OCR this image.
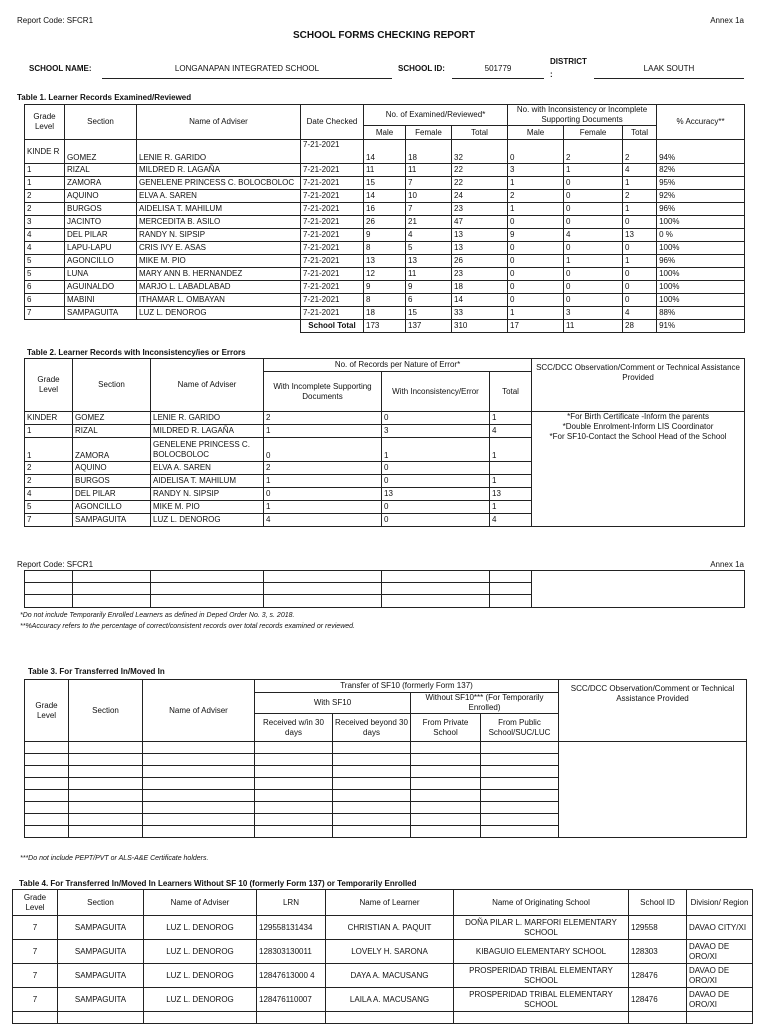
Report Code: SFCR1	Annex 1a
SCHOOL FORMS CHECKING REPORT
SCHOOL NAME:	LONGANAPAN INTEGRATED SCHOOL	SCHOOL ID:	501779
DISTRICT
:
LAAK SOUTH
Table 1. Learner Records Examined/Reviewed
Grade Level	Section	Name of Adviser	Date Checked	No. of Examined/Reviewed*			No. with Inconsistency or Incomplete Supporting Documents			% Accuracy**
				Male	Female	Total	Male	Female	Total	
KINDE R	GOMEZ	LENIE R. GARIDO	7-21-2021	14	18	32	0	2	2	94%
1	RIZAL	MILDRED R. LAGAÑA	7-21-2021	11	11	22	3	1	4	82%
1	ZAMORA	GENELENE PRINCESS C. BOLOCBOLOC	7-21-2021	15	7	22	1	0	1	95%
2	AQUINO	ELVA A. SAREN	7-21-2021	14	10	24	2	0	2	92%
2	BURGOS	AIDELISA T. MAHILUM	7-21-2021	16	7	23	1	0	1	96%
3	JACINTO	MERCEDITA B. ASILO	7-21-2021	26	21	47	0	0	0	100%
4	DEL PILAR	RANDY N. SIPSIP	7-21-2021	9	4	13	9	4	13	0 %
4	LAPU-LAPU	CRIS IVY E. ASAS	7-21-2021	8	5	13	0	0	0	100%
5	AGONCILLO	MIKE M. PIO	7-21-2021	13	13	26	0	1	1	96%
5	LUNA	MARY ANN B. HERNANDEZ	7-21-2021	12	11	23	0	0	0	100%
6	AGUINALDO	MARJO L. LABADLABAD	7-21-2021	9	9	18	0	0	0	100%
6	MABINI	ITHAMAR L. OMBAYAN	7-21-2021	8	6	14	0	0	0	100%
7	SAMPAGUITA	LUZ L. DENOROG	7-21-2021	18	15	33	1	3	4	88%
			School Total	173	137	310	17	11	28	91%
Table 2. Learner Records with Inconsistency/ies or Errors
Grade Level	Section	Name of Adviser	No. of Records per Nature of Error*			SCC/DCC Observation/Comment or Technical Assistance Provided
			With Incomplete Supporting Documents	With Inconsistency/Error	Total	
KINDER	GOMEZ	LENIE R. GARIDO	2	0	1	*For Birth Certificate -Inform the parents
*Double Enrolment-Inform LIS Coordinator
*For SF10-Contact the School Head of the School

1	RIZAL	MILDRED R. LAGAÑA	1	3	4	
1	ZAMORA	GENELENE PRINCESS C. BOLOCBOLOC	0	1	1	
2	AQUINO	ELVA A. SAREN	2	0		
2	BURGOS	AIDELISA T. MAHILUM	1	0	1	
4	DEL PILAR	RANDY N. SIPSIP	0	13	13	
5	AGONCILLO	MIKE M. PIO	1	0	1	
7	SAMPAGUITA	LUZ L. DENOROG	4	0	4	
Report Code: SFCR1	Annex 1a

*Do not include Temporarily Enrolled Learners as defined in Deped Order No. 3, s. 2018.
**%Accuracy refers to the percentage of correct/consistent records over total records examined or reviewed.
Table 3. For Transferred In/Moved In
Grade Level	Section	Name of Adviser	Transfer of SF10 (formerly Form 137)				SCC/DCC Observation/Comment or Technical Assistance Provided
			With SF10		Without SF10*** (For Temporarily Enrolled)		
			Received w/in 30 days	Received beyond 30 days	From Private School	From Public School/SUC/LUC	

***Do not include PEPT/PVT or ALS-A&E Certificate holders.
Table 4. For Transferred In/Moved In Learners Without SF 10 (formerly Form 137) or Temporarily Enrolled
Grade Level	Section	Name of Adviser	LRN	Name of Learner	Name of Originating School	School ID	Division/ Region
7	SAMPAGUITA	LUZ L. DENOROG	129558131434	CHRISTIAN A. PAQUIT	DOÑA PILAR L. MARFORI ELEMENTARY SCHOOL	129558	DAVAO CITY/XI
7	SAMPAGUITA	LUZ L. DENOROG	128303130011	LOVELY H. SARONA	KIBAGUIO ELEMENTARY SCHOOL	128303	DAVAO DE ORO/XI
7	SAMPAGUITA	LUZ L. DENOROG	12847613000 4	DAYA A. MACUSANG	PROSPERIDAD TRIBAL ELEMENTARY SCHOOL	128476	DAVAO DE ORO/XI
7	SAMPAGUITA	LUZ L. DENOROG	128476110007	LAILA A. MACUSANG	PROSPERIDAD TRIBAL ELEMENTARY SCHOOL	128476	DAVAO DE ORO/XI
